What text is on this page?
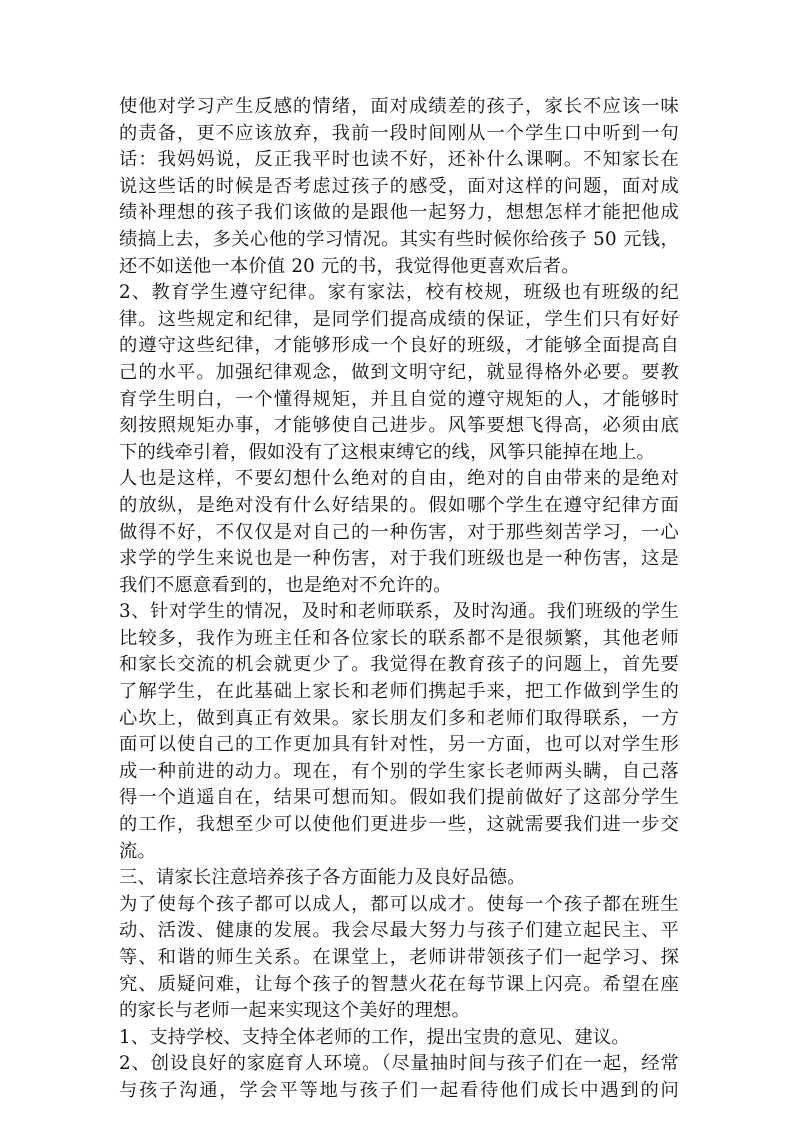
使他对学习产生反感的情绪，面对成绩差的孩子，家长不应该一味
的责备，更不应该放弃，我前一段时间刚从一个学生口中听到一句
话：我妈妈说，反正我平时也读不好，还补什么课啊。不知家长在
说这些话的时候是否考虑过孩子的感受，面对这样的问题，面对成
绩补理想的孩子我们该做的是跟他一起努力，想想怎样才能把他成
绩搞上去，多关心他的学习情况。其实有些时候你给孩子 50 元钱，
还不如送他一本价值 20 元的书，我觉得他更喜欢后者。
2、教育学生遵守纪律。家有家法，校有校规，班级也有班级的纪
律。这些规定和纪律，是同学们提高成绩的保证，学生们只有好好
的遵守这些纪律，才能够形成一个良好的班级，才能够全面提高自
己的水平。加强纪律观念，做到文明守纪，就显得格外必要。要教
育学生明白，一个懂得规矩，并且自觉的遵守规矩的人，才能够时
刻按照规矩办事，才能够使自己进步。风筝要想飞得高，必须由底
下的线牵引着，假如没有了这根束缚它的线，风筝只能掉在地上。
人也是这样，不要幻想什么绝对的自由，绝对的自由带来的是绝对
的放纵，是绝对没有什么好结果的。假如哪个学生在遵守纪律方面
做得不好，不仅仅是对自己的一种伤害，对于那些刻苦学习，一心
求学的学生来说也是一种伤害，对于我们班级也是一种伤害，这是
我们不愿意看到的，也是绝对不允许的。
3、针对学生的情况，及时和老师联系，及时沟通。我们班级的学生
比较多，我作为班主任和各位家长的联系都不是很频繁，其他老师
和家长交流的机会就更少了。我觉得在教育孩子的问题上，首先要
了解学生，在此基础上家长和老师们携起手来，把工作做到学生的
心坎上，做到真正有效果。家长朋友们多和老师们取得联系，一方
面可以使自己的工作更加具有针对性，另一方面，也可以对学生形
成一种前进的动力。现在，有个别的学生家长老师两头瞒，自己落
得一个逍遥自在，结果可想而知。假如我们提前做好了这部分学生
的工作，我想至少可以使他们更进步一些，这就需要我们进一步交
流。
三、请家长注意培养孩子各方面能力及良好品德。
为了使每个孩子都可以成人，都可以成才。使每一个孩子都在班生
动、活泼、健康的发展。我会尽最大努力与孩子们建立起民主、平
等、和谐的师生关系。在课堂上，老师讲带领孩子们一起学习、探
究、质疑问难，让每个孩子的智慧火花在每节课上闪亮。希望在座
的家长与老师一起来实现这个美好的理想。
1、支持学校、支持全体老师的工作，提出宝贵的意见、建议。
2、创设良好的家庭育人环境。（尽量抽时间与孩子们在一起，经常
与孩子沟通，学会平等地与孩子们一起看待他们成长中遇到的问
